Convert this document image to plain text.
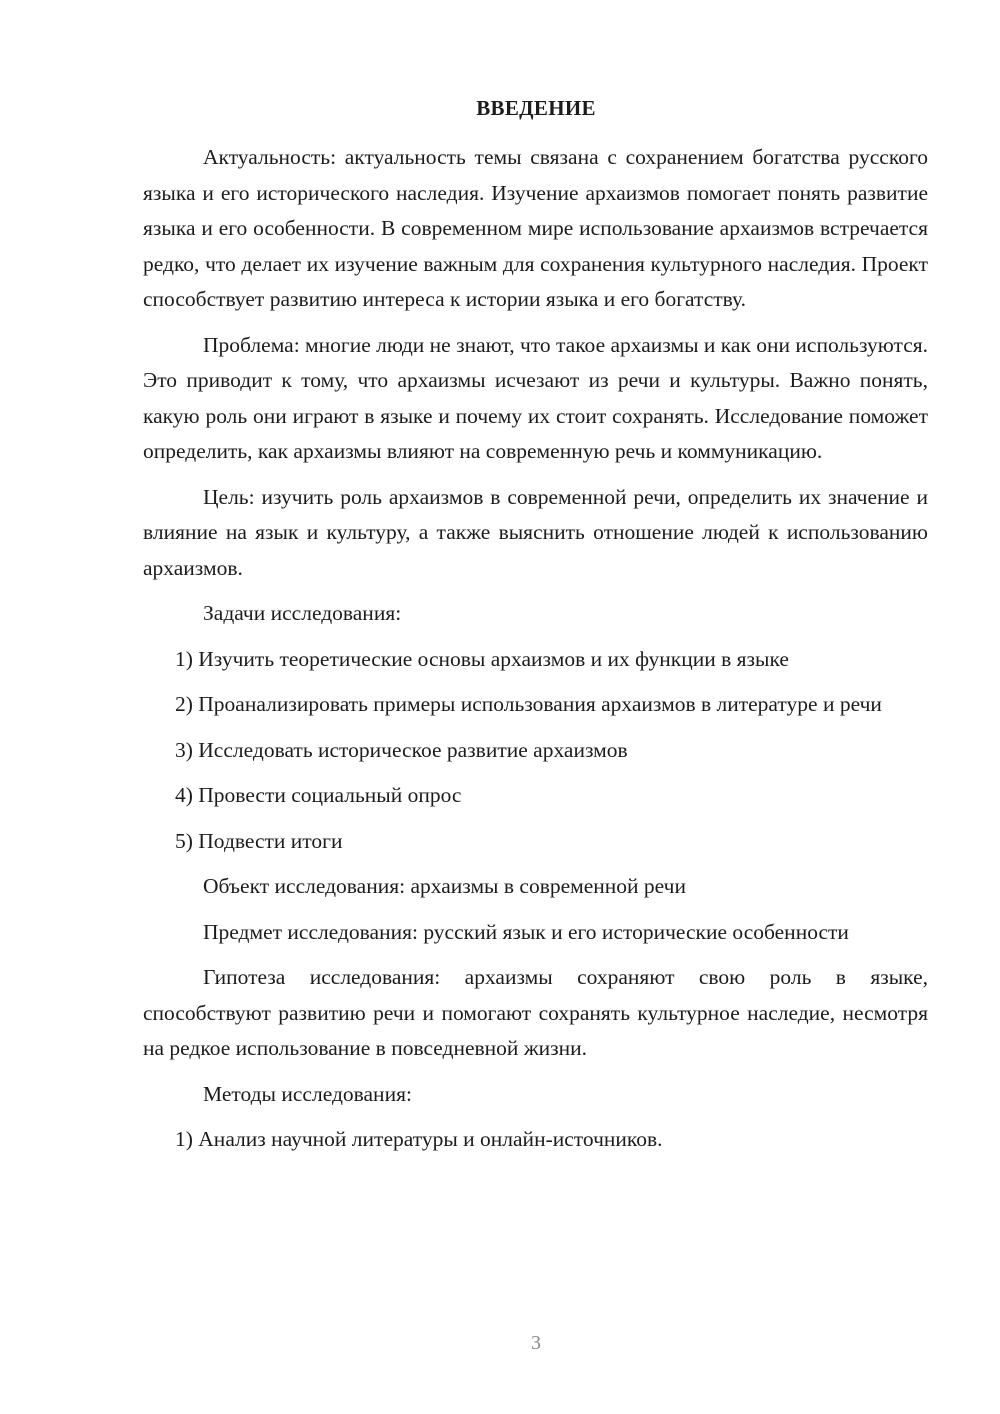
ВВЕДЕНИЕ

Актуальность: актуальность темы связана с сохранением богатства русского языка и его исторического наследия. Изучение архаизмов помогает понять развитие языка и его особенности. В современном мире использование архаизмов встречается редко, что делает их изучение важным для сохранения культурного наследия. Проект способствует развитию интереса к истории языка и его богатству.

Проблема: многие люди не знают, что такое архаизмы и как они используются. Это приводит к тому, что архаизмы исчезают из речи и культуры. Важно понять, какую роль они играют в языке и почему их стоит сохранять. Исследование поможет определить, как архаизмы влияют на современную речь и коммуникацию.

Цель: изучить роль архаизмов в современной речи, определить их значение и влияние на язык и культуру, а также выяснить отношение людей к использованию архаизмов.

Задачи исследования:

1) Изучить теоретические основы архаизмов и их функции в языке

2) Проанализировать примеры использования архаизмов в литературе и речи

3) Исследовать историческое развитие архаизмов

4) Провести социальный опрос

5) Подвести итоги

Объект исследования: архаизмы в современной речи

Предмет исследования: русский язык и его исторические особенности

Гипотеза исследования: архаизмы сохраняют свою роль в языке, способствуют развитию речи и помогают сохранять культурное наследие, несмотря на редкое использование в повседневной жизни.

Методы исследования:

1) Анализ научной литературы и онлайн-источников.

3
